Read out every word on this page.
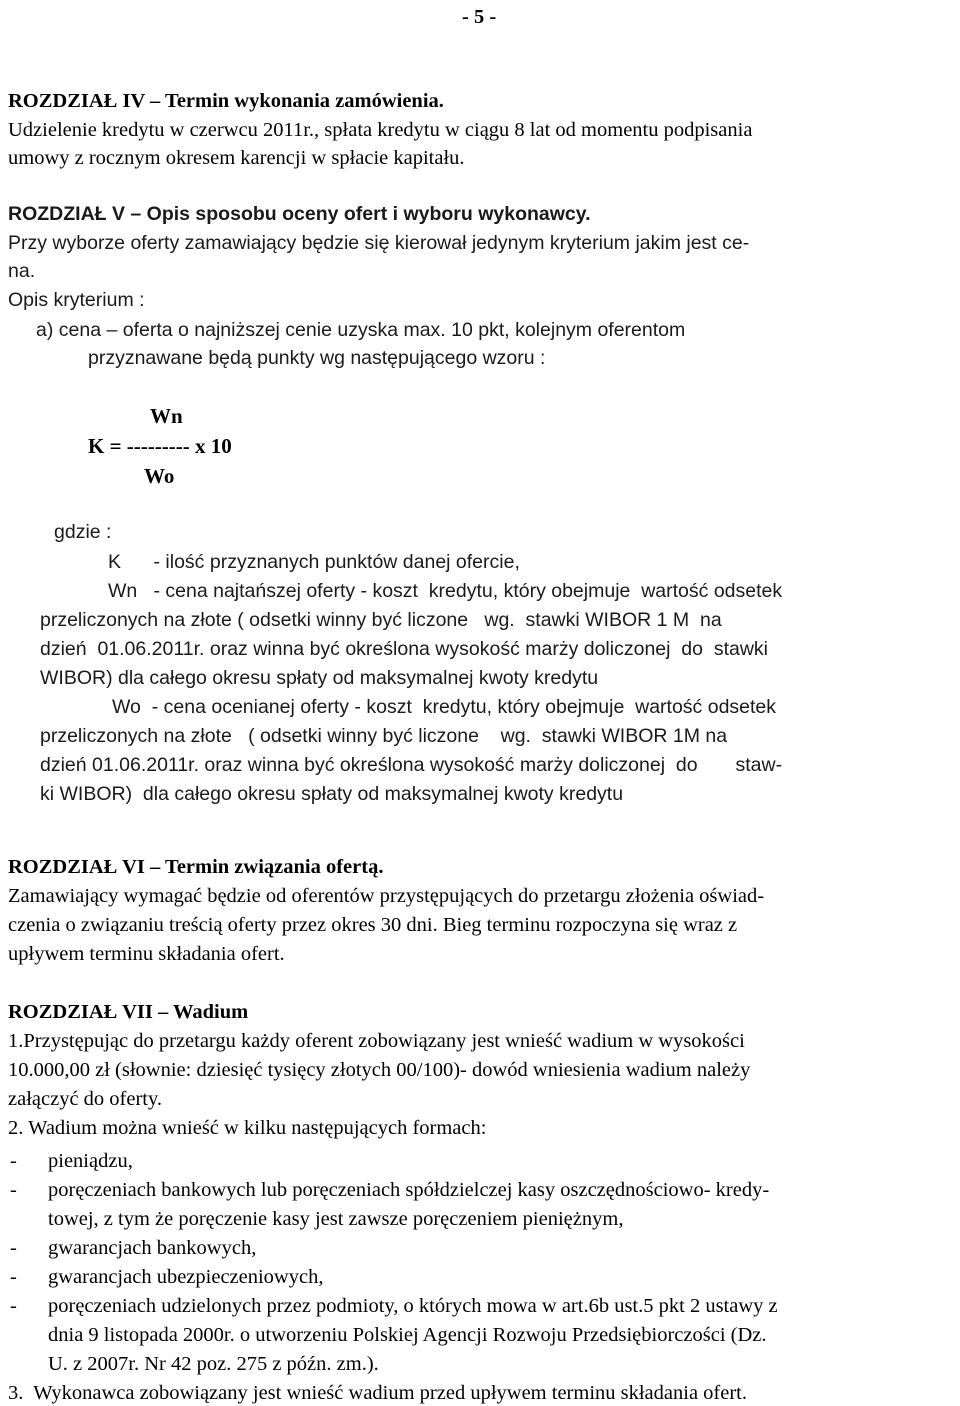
- 5 -
ROZDZIAŁ IV – Termin wykonania zamówienia.
Udzielenie kredytu w czerwcu 2011r., spłata kredytu w ciągu 8 lat od momentu podpisania
umowy z rocznym okresem karencji w spłacie kapitału.
ROZDZIAŁ V – Opis sposobu oceny ofert i wyboru wykonawcy.
Przy wyborze oferty zamawiający będzie się kierował jedynym kryterium jakim jest ce-
na.
Opis kryterium :
a) cena – oferta o najniższej cenie uzyska max. 10 pkt, kolejnym oferentom
przyznawane będą punkty wg następującego wzoru :
Wn
K = --------- x 10
Wo
gdzie :
K      - ilość przyznanych punktów danej ofercie,
Wn   - cena najtańszej oferty - koszt  kredytu, który obejmuje  wartość odsetek
przeliczonych na złote ( odsetki winny być liczone   wg.  stawki WIBOR 1 M  na
dzień  01.06.2011r. oraz winna być określona wysokość marży doliczonej  do  stawki
WIBOR) dla całego okresu spłaty od maksymalnej kwoty kredytu
Wo  - cena ocenianej oferty - koszt  kredytu, który obejmuje  wartość odsetek
przeliczonych na złote   ( odsetki winny być liczone    wg.  stawki WIBOR 1M na
dzień 01.06.2011r. oraz winna być określona wysokość marży doliczonej  do       staw-
ki WIBOR)  dla całego okresu spłaty od maksymalnej kwoty kredytu
ROZDZIAŁ VI – Termin związania ofertą.
Zamawiający wymagać będzie od oferentów przystępujących do przetargu złożenia oświad-
czenia o związaniu treścią oferty przez okres 30 dni. Bieg terminu rozpoczyna się wraz z
upływem terminu składania ofert.
ROZDZIAŁ VII – Wadium
1.Przystępując do przetargu każdy oferent zobowiązany jest wnieść wadium w wysokości
10.000,00 zł (słownie: dziesięć tysięcy złotych 00/100)- dowód wniesienia wadium należy
załączyć do oferty.
2. Wadium można wnieść w kilku następujących formach:
- pieniądzu,
- poręczeniach bankowych lub poręczeniach spółdzielczej kasy oszczędnościowo- kredy-
towej, z tym że poręczenie kasy jest zawsze poręczeniem pieniężnym,
- gwarancjach bankowych,
- gwarancjach ubezpieczeniowych,
- poręczeniach udzielonych przez podmioty, o których mowa w art.6b ust.5 pkt 2 ustawy z
dnia 9 listopada 2000r. o utworzeniu Polskiej Agencji Rozwoju Przedsiębiorczości (Dz.
U. z 2007r. Nr 42 poz. 275 z późn. zm.).
3.  Wykonawca zobowiązany jest wnieść wadium przed upływem terminu składania ofert.
